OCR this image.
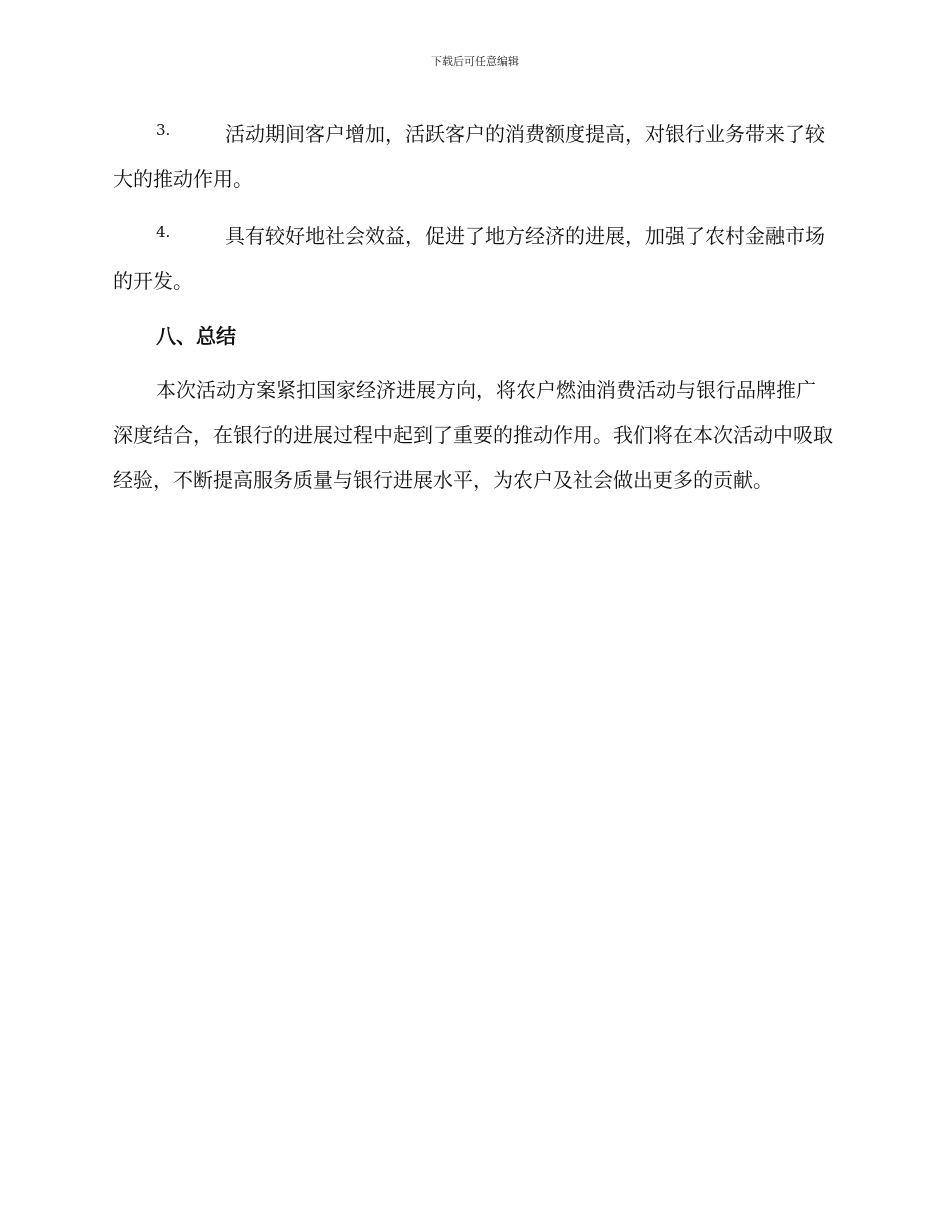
下载后可任意编辑
3.	活动期间客户增加，活跃客户的消费额度提高，对银行业务带来了较大的推动作用。
4.	具有较好地社会效益，促进了地方经济的进展，加强了农村金融市场的开发。
八、总结

本次活动方案紧扣国家经济进展方向，将农户燃油消费活动与银行品牌推广深度结合，在银行的进展过程中起到了重要的推动作用。我们将在本次活动中吸取经验，不断提高服务质量与银行进展水平，为农户及社会做出更多的贡献。
